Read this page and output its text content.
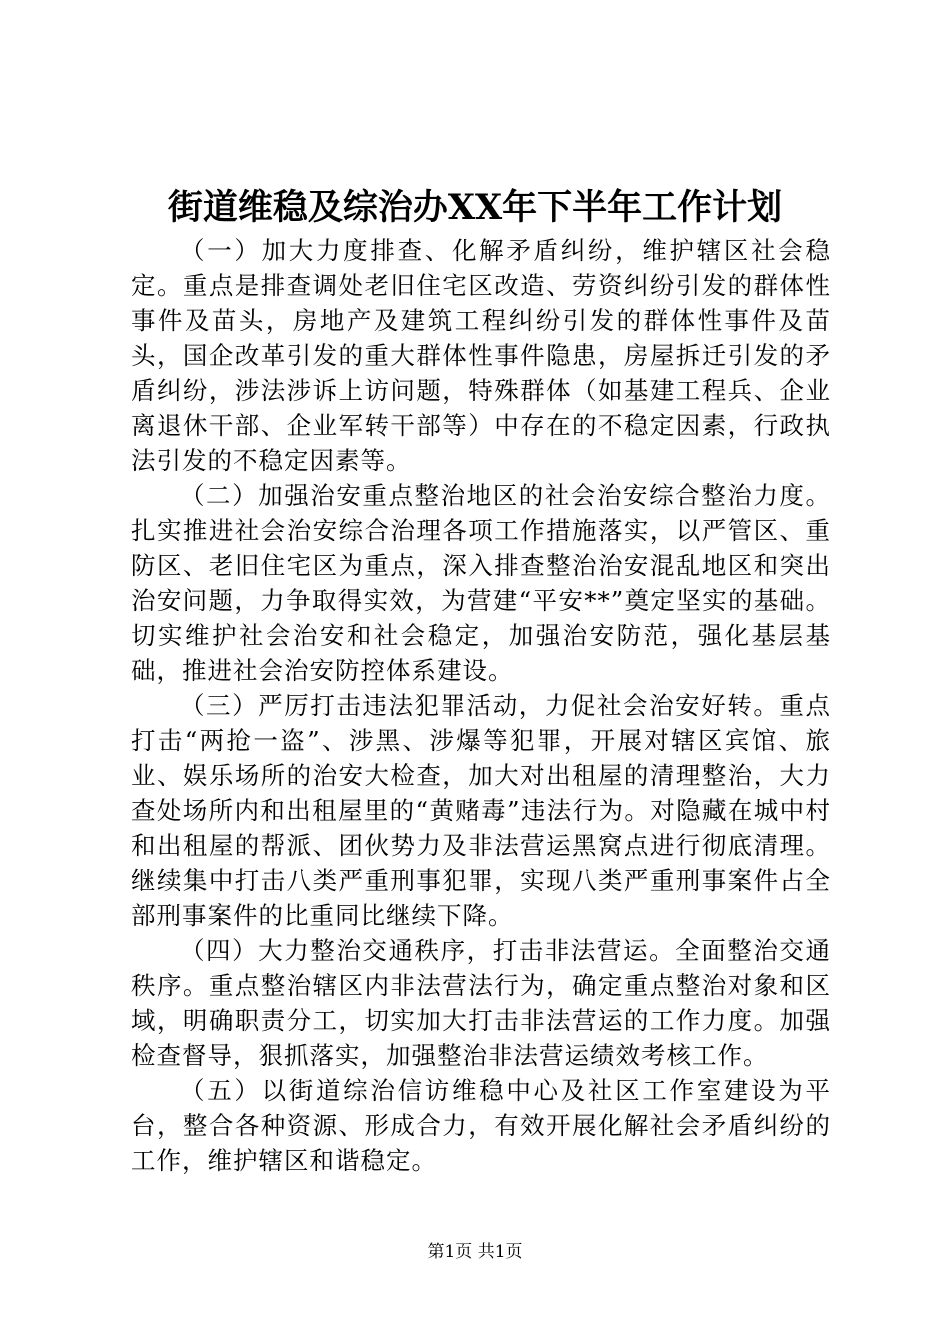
街道维稳及综治办XX年下半年工作计划

（一）加大力度排查、化解矛盾纠纷，维护辖区社会稳定。重点是排查调处老旧住宅区改造、劳资纠纷引发的群体性事件及苗头，房地产及建筑工程纠纷引发的群体性事件及苗头，国企改革引发的重大群体性事件隐患，房屋拆迁引发的矛盾纠纷，涉法涉诉上访问题，特殊群体（如基建工程兵、企业离退休干部、企业军转干部等）中存在的不稳定因素，行政执法引发的不稳定因素等。

（二）加强治安重点整治地区的社会治安综合整治力度。扎实推进社会治安综合治理各项工作措施落实，以严管区、重防区、老旧住宅区为重点，深入排查整治治安混乱地区和突出治安问题，力争取得实效，为营建“平安**”奠定坚实的基础。切实维护社会治安和社会稳定，加强治安防范，强化基层基础，推进社会治安防控体系建设。

（三）严厉打击违法犯罪活动，力促社会治安好转。重点打击“两抢一盗”、涉黑、涉爆等犯罪，开展对辖区宾馆、旅业、娱乐场所的治安大检查，加大对出租屋的清理整治，大力查处场所内和出租屋里的“黄赌毒”违法行为。对隐藏在城中村和出租屋的帮派、团伙势力及非法营运黑窝点进行彻底清理。继续集中打击八类严重刑事犯罪，实现八类严重刑事案件占全部刑事案件的比重同比继续下降。

（四）大力整治交通秩序，打击非法营运。全面整治交通秩序。重点整治辖区内非法营法行为，确定重点整治对象和区域，明确职责分工，切实加大打击非法营运的工作力度。加强检查督导，狠抓落实，加强整治非法营运绩效考核工作。

（五）以街道综治信访维稳中心及社区工作室建设为平台，整合各种资源、形成合力，有效开展化解社会矛盾纠纷的工作，维护辖区和谐稳定。

第1页 共1页
